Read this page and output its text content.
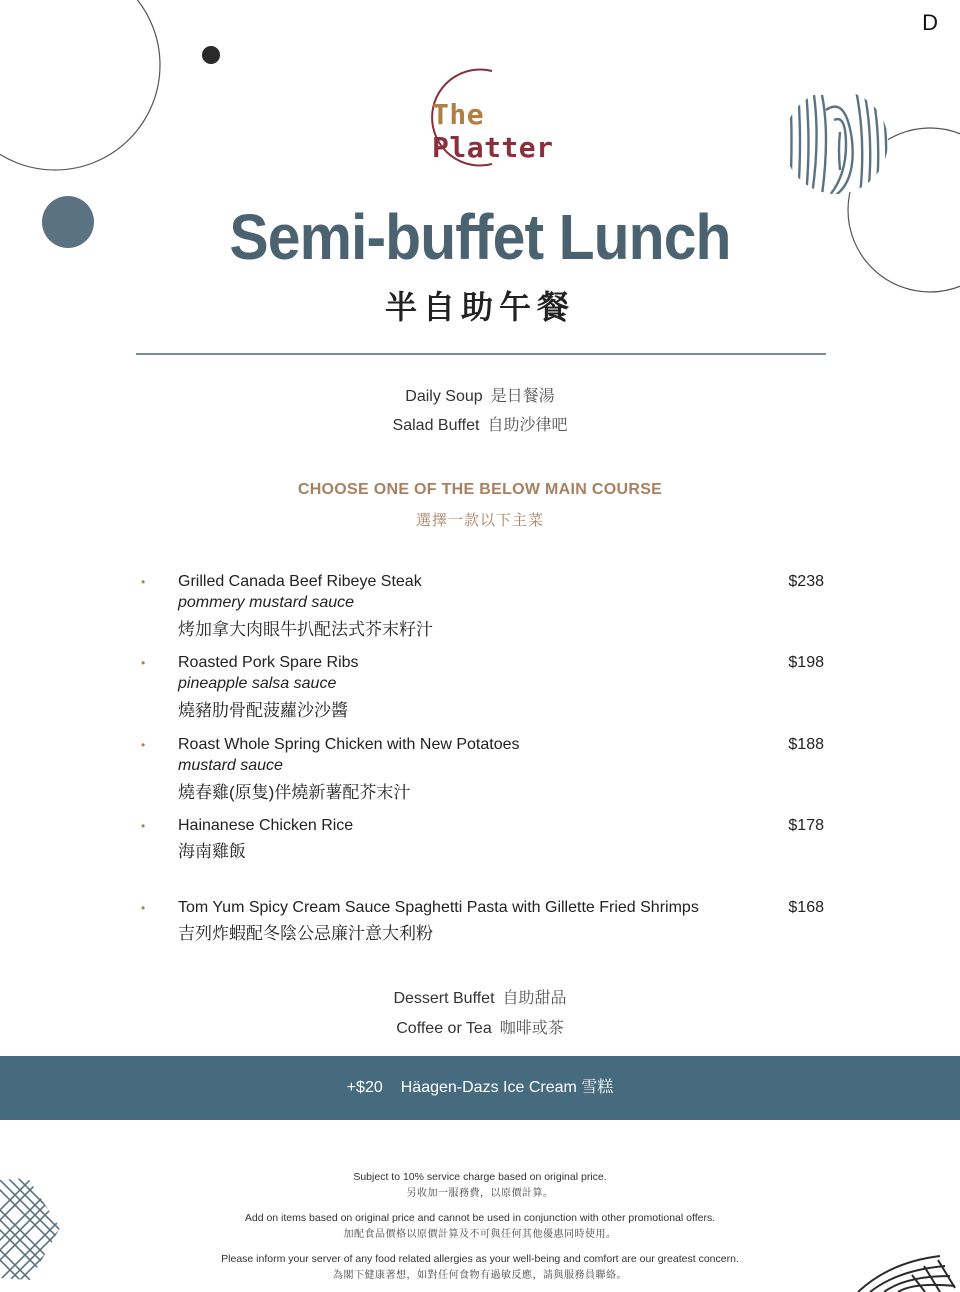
D
The Platter
Semi-buffet Lunch
半自助午餐
Daily Soup 是日餐湯
Salad Buffet 自助沙律吧
CHOOSE ONE OF THE BELOW MAIN COURSE
選擇一款以下主菜
• Grilled Canada Beef Ribeye Steak
pommery mustard sauce
烤加拿大肉眼牛扒配法式芥末籽汁
$238
• Roasted Pork Spare Ribs
pineapple salsa sauce
燒豬肋骨配菠蘿沙沙醬
$198
• Roast Whole Spring Chicken with New Potatoes
mustard sauce
燒春雞(原隻)伴燒新薯配芥末汁
$188
• Hainanese Chicken Rice
海南雞飯
$178
• Tom Yum Spicy Cream Sauce Spaghetti Pasta with Gillette Fried Shrimps
吉列炸蝦配冬陰公忌廉汁意大利粉
$168
Dessert Buffet 自助甜品
Coffee or Tea 咖啡或茶
+$20 Häagen-Dazs Ice Cream 雪糕
Subject to 10% service charge based on original price.
另收加一服務費，以原價計算。
Add on items based on original price and cannot be used in conjunction with other promotional offers.
加配食品價格以原價計算及不可與任何其他優惠同時使用。
Please inform your server of any food related allergies as your well-being and comfort are our greatest concern.
為閣下健康著想，如對任何食物有過敏反應，請與服務員聯絡。
